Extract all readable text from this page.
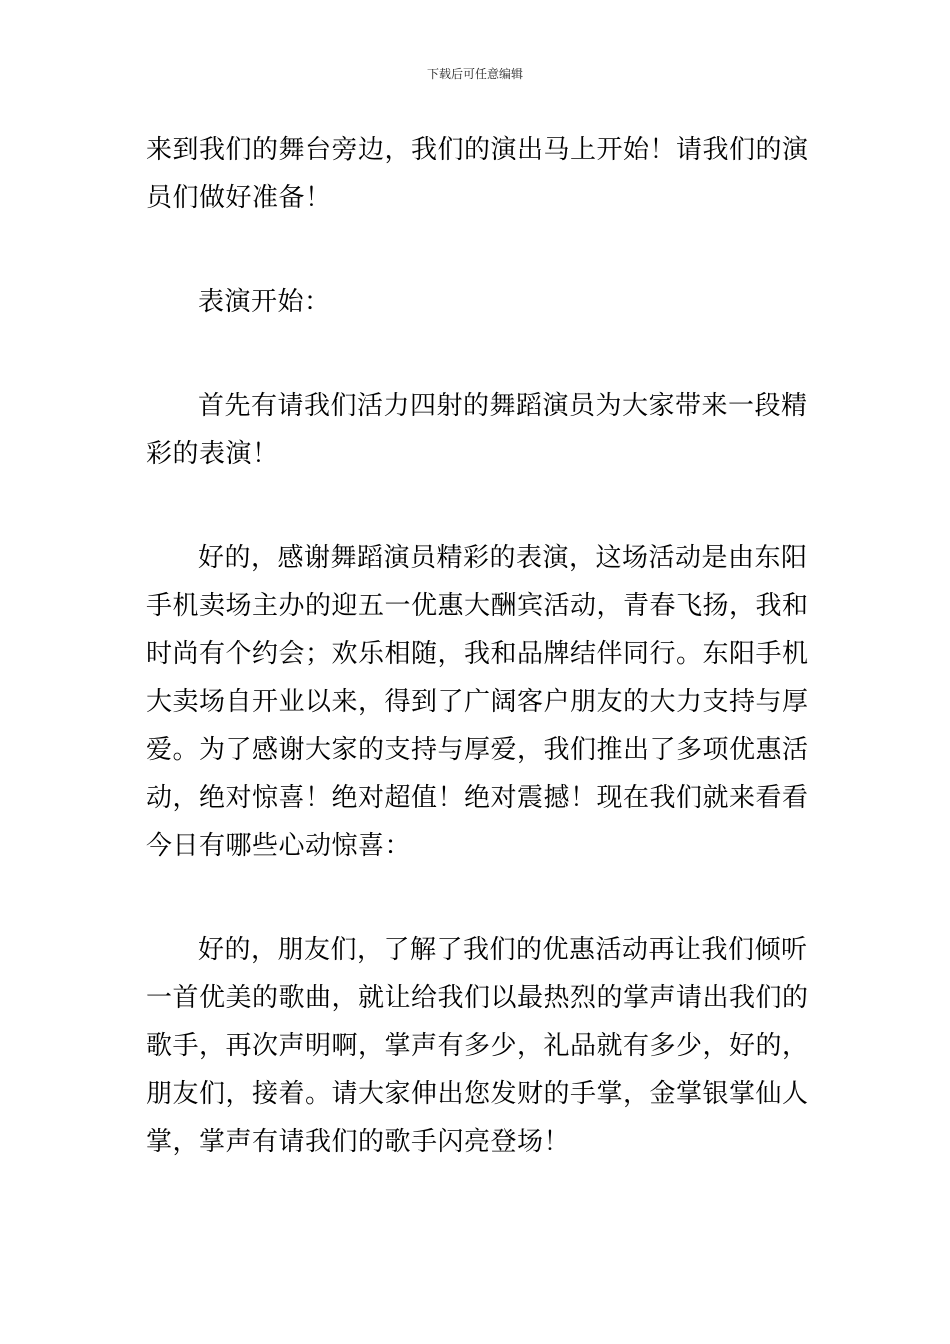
下载后可任意编辑
来到我们的舞台旁边，我们的演出马上开始！请我们的演
员们做好准备！
表演开始：
首先有请我们活力四射的舞蹈演员为大家带来一段精
彩的表演！
好的，感谢舞蹈演员精彩的表演，这场活动是由东阳
手机卖场主办的迎五一优惠大酬宾活动，青春飞扬，我和
时尚有个约会；欢乐相随，我和品牌结伴同行。东阳手机
大卖场自开业以来，得到了广阔客户朋友的大力支持与厚
爱。为了感谢大家的支持与厚爱，我们推出了多项优惠活
动，绝对惊喜！绝对超值！绝对震撼！现在我们就来看看
今日有哪些心动惊喜：
好的，朋友们，了解了我们的优惠活动再让我们倾听
一首优美的歌曲，就让给我们以最热烈的掌声请出我们的
歌手，再次声明啊，掌声有多少，礼品就有多少，好的，
朋友们，接着。请大家伸出您发财的手掌，金掌银掌仙人
掌，掌声有请我们的歌手闪亮登场！
